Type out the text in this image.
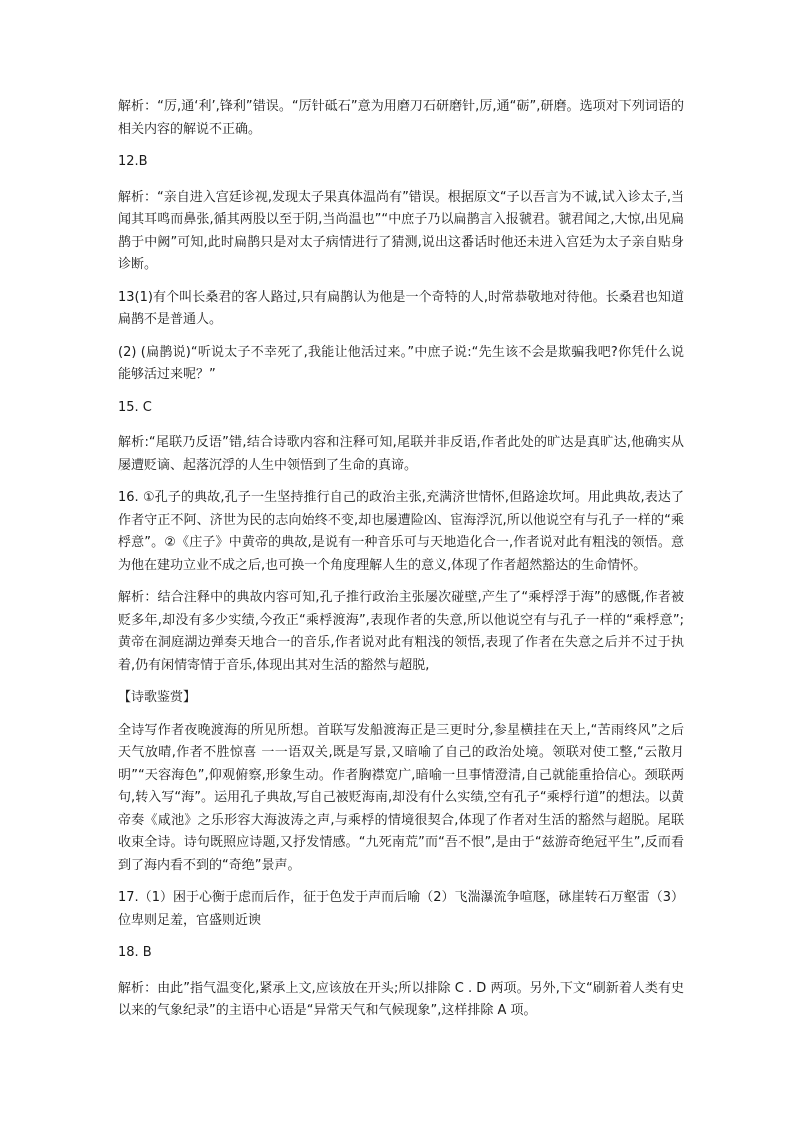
解析：“厉,通‘利’,锋利”错误。“厉针砥石”意为用磨刀石研磨针,厉,通“砺”,研磨。选项对下列词语的相关内容的解说不正确。

12.B

解析：“亲自进入宫廷诊视,发现太子果真体温尚有”错误。根据原文“子以吾言为不诚,试入诊太子,当闻其耳鸣而鼻张,循其两股以至于阴,当尚温也”“中庶子乃以扁鹊言入报虢君。虢君闻之,大惊,出见扁鹊于中阙”可知,此时扁鹊只是对太子病情进行了猜测,说出这番话时他还未进入宫廷为太子亲自贴身诊断。

13(1)有个叫长桑君的客人路过,只有扁鹊认为他是一个奇特的人,时常恭敬地对待他。长桑君也知道扁鹊不是普通人。

(2) (扁鹊说)“听说太子不幸死了,我能让他活过来。”中庶子说:“先生该不会是欺骗我吧?你凭什么说能够活过来呢？”

15. C

解析:“尾联乃反语”错,结合诗歌内容和注释可知,尾联并非反语,作者此处的旷达是真旷达,他确实从屡遭贬谪、起落沉浮的人生中领悟到了生命的真谛。

16. ①孔子的典故,孔子一生坚持推行自己的政治主张,充满济世情怀,但路途坎坷。用此典故,表达了作者守正不阿、济世为民的志向始终不变,却也屡遭险凶、宦海浮沉,所以他说空有与孔子一样的“乘桴意”。②《庄子》中黄帝的典故,是说有一种音乐可与天地造化合一,作者说对此有粗浅的领悟。意为他在建功立业不成之后,也可换一个角度理解人生的意义,体现了作者超然豁达的生命情怀。

解析：结合注释中的典故内容可知,孔子推行政治主张屡次碰壁,产生了“乘桴浮于海”的感慨,作者被贬多年,却没有多少实绩,今孜正“乘桴渡海”,表现作者的失意,所以他说空有与孔子一样的“乘桴意”;黄帝在洞庭湖边弹奏天地合一的音乐,作者说对此有粗浅的领悟,表现了作者在失意之后并不过于执着,仍有闲情寄情于音乐,体现出其对生活的豁然与超脱,

【诗歌鉴赏】

全诗写作者夜晚渡海的所见所想。首联写发船渡海正是三更时分,参星横挂在天上,“苦雨终风”之后天气放晴,作者不胜惊喜 一一语双关,既是写景,又暗喻了自己的政治处境。领联对使工整,“云散月明”“天容海色”,仰观俯察,形象生动。作者胸襟宽广,暗喻一旦事情澄清,自己就能重拾信心。颈联两句,转入写“海”。运用孔子典故,写自己被贬海南,却没有什么实绩,空有孔子“乘桴行道”的想法。以黄帝奏《咸池》之乐形容大海波涛之声,与乘桴的情境很契合,体现了作者对生活的豁然与超脱。尾联收束全诗。诗句既照应诗题,又抒发情感。“九死南荒”而“吾不恨”,是由于“兹游奇绝冠平生”,反而看到了海内看不到的“奇绝”景声。

17.（1）困于心衡于虑而后作，征于色发于声而后喻（2）飞湍瀑流争喧豗，砯崖转石万壑雷（3）位卑则足羞，官盛则近谀

18. B

解析：由此”指气温变化,紧承上文,应该放在开头;所以排除 C . D 两项。另外,下文“刷新着人类有史以来的气象纪录”的主语中心语是“异常天气和气候现象”,这样排除 A 项。
